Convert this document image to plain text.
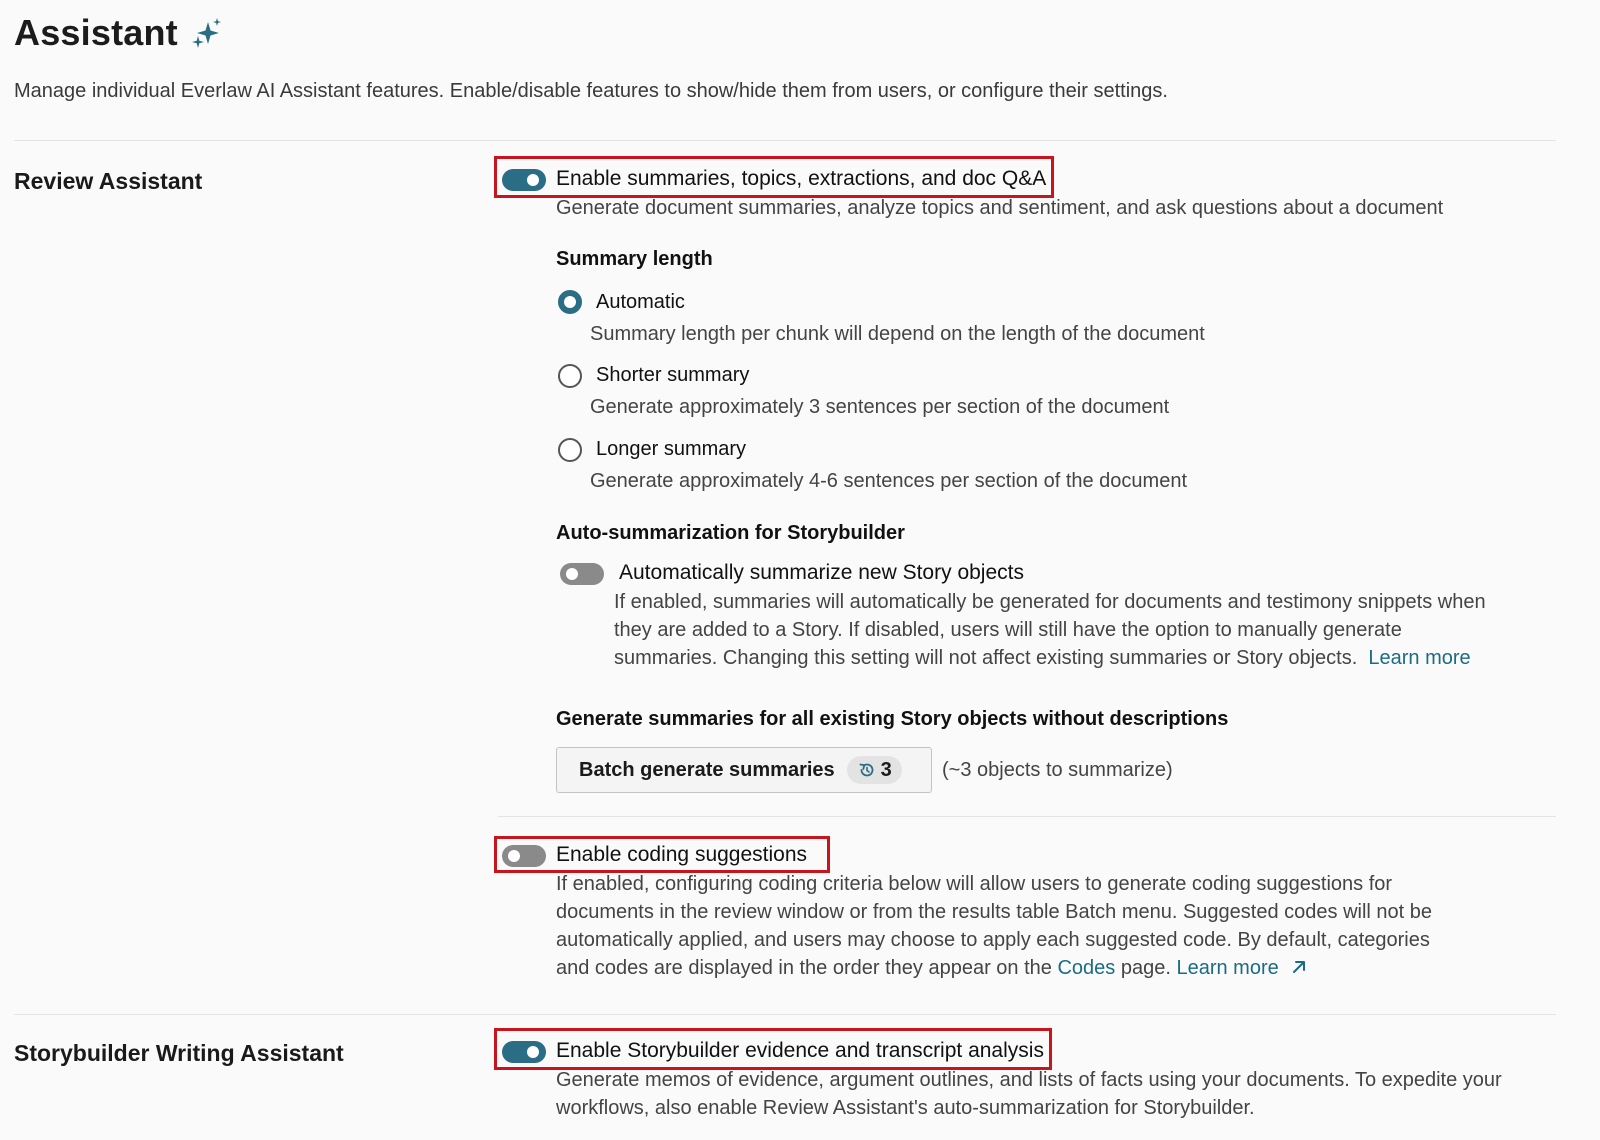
Assistant

Manage individual Everlaw AI Assistant features. Enable/disable features to show/hide them from users, or configure their settings.

Review Assistant	Enable summaries, topics, extractions, and doc Q&A

Generate document summaries, analyze topics and sentiment, and ask questions about a document

Summary length
Automatic

Summary length per chunk will depend on the length of the document

Shorter summary

Generate approximately 3 sentences per section of the document

Longer summary

Generate approximately 4-6 sentences per section of the document

Auto-summarization for Storybuilder
Automatically summarize new Story objects
If enabled, summaries will automatically be generated for documents and testimony snippets when
they are added to a Story. If disabled, users will still have the option to manually generate
summaries. Changing this setting will not affect existing summaries or Story objects. Learn more
Generate summaries for all existing Story objects without descriptions
Batch generate summaries 3	(~3 objects to summarize)
Enable coding suggestions
If enabled, configuring coding criteria below will allow users to generate coding suggestions for
documents in the review window or from the results table Batch menu. Suggested codes will not be
automatically applied, and users may choose to apply each suggested code. By default, categories
and codes are displayed in the order they appear on the Codes page. Learn more
Storybuilder Writing Assistant	Enable Storybuilder evidence and transcript analysis
Generate memos of evidence, argument outlines, and lists of facts using your documents. To expedite your
workflows, also enable Review Assistant's auto-summarization for Storybuilder.
